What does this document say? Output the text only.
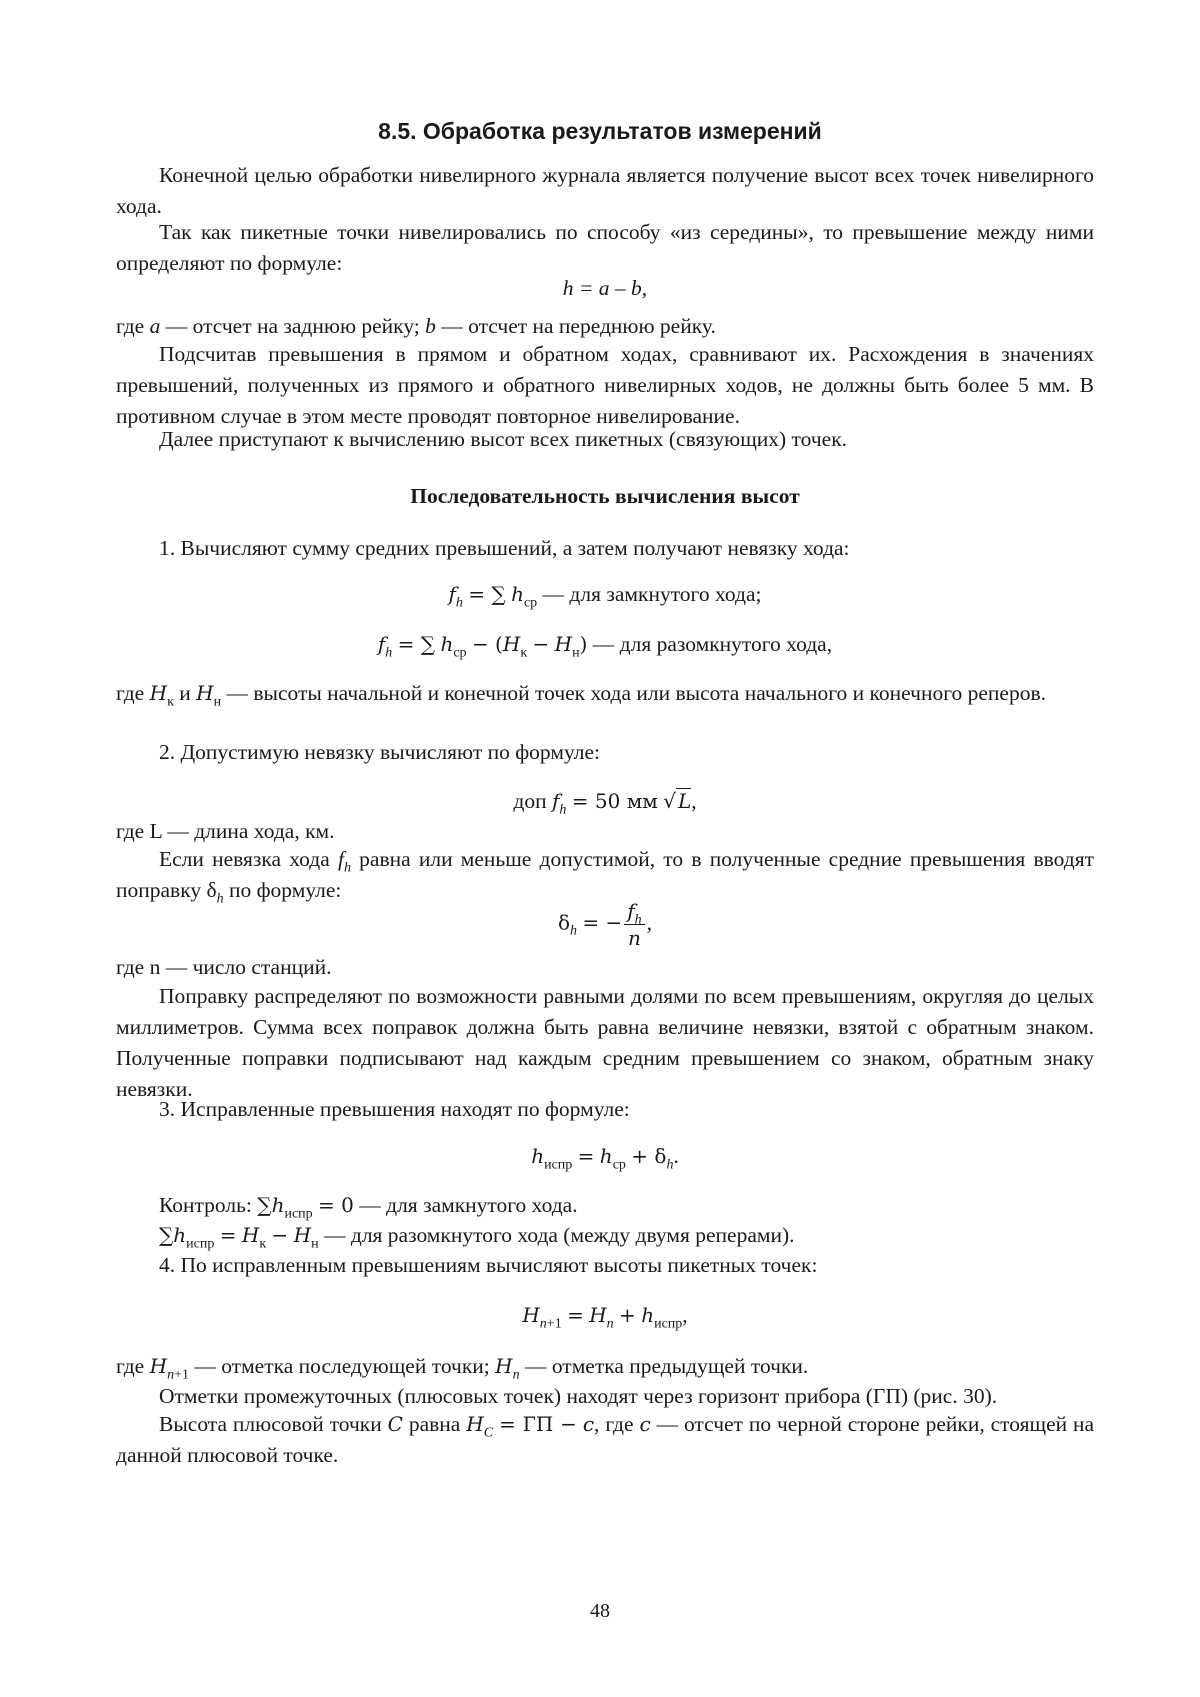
8.5. Обработка результатов измерений
Конечной целью обработки нивелирного журнала является получение высот всех точек нивелирного хода.
Так как пикетные точки нивелировались по способу «из середины», то превышение между ними определяют по формуле:
h = a – b,
где a — отсчет на заднюю рейку; b — отсчет на переднюю рейку.
Подсчитав превышения в прямом и обратном ходах, сравнивают их. Расхождения в значениях превышений, полученных из прямого и обратного нивелирных ходов, не должны быть более 5 мм. В противном случае в этом месте проводят повторное нивелирование.
Далее приступают к вычислению высот всех пикетных (связующих) точек.
Последовательность вычисления высот
1. Вычисляют сумму средних превышений, а затем получают невязку хода:
$f_h$ = ∑ $h_{ср}$ — для замкнутого хода;
$f_h$ = ∑ $h_{ср} - (H_к - H_н)$ — для разомкнутого хода,
где $H_к$ и $H_н$ — высоты начальной и конечной точек хода или высота начального и конечного реперов.
2. Допустимую невязку вычисляют по формуле:
доп $f_h = 50$ мм √ L,
где L — длина хода, км.
Если невязка хода $f_h$ равна или меньше допустимой, то в полученные средние превышения вводят поправку $\delta_h$ по формуле:
$\delta_h$ = − $\frac{f_h}{n}$ ,
где n — число станций.
Поправку распределяют по возможности равными долями по всем превышениям, округляя до целых миллиметров. Сумма всех поправок должна быть равна величине невязки, взятой с обратным знаком. Полученные поправки подписывают над каждым средним превышением со знаком, обратным знаку невязки.
3. Исправленные превышения находят по формуле:
$h_{испр} = h_{ср} + \delta_h$.
Контроль: $\sum h_{испр} = 0$ — для замкнутого хода.
$\sum h_{испр} = H_к - H_н$ — для разомкнутого хода (между двумя реперами).
4. По исправленным превышениям вычисляют высоты пикетных точек:
$H_{n+1} = H_n + h_{испр}$,
где $H_{n+1}$ — отметка последующей точки; $H_n$ — отметка предыдущей точки.
Отметки промежуточных (плюсовых точек) находят через горизонт прибора (ГП) (рис. 30).
Высота плюсовой точки C равна $H_C$ = ГП − c, где c — отсчет по черной стороне рейки, стоящей на данной плюсовой точке.
48
